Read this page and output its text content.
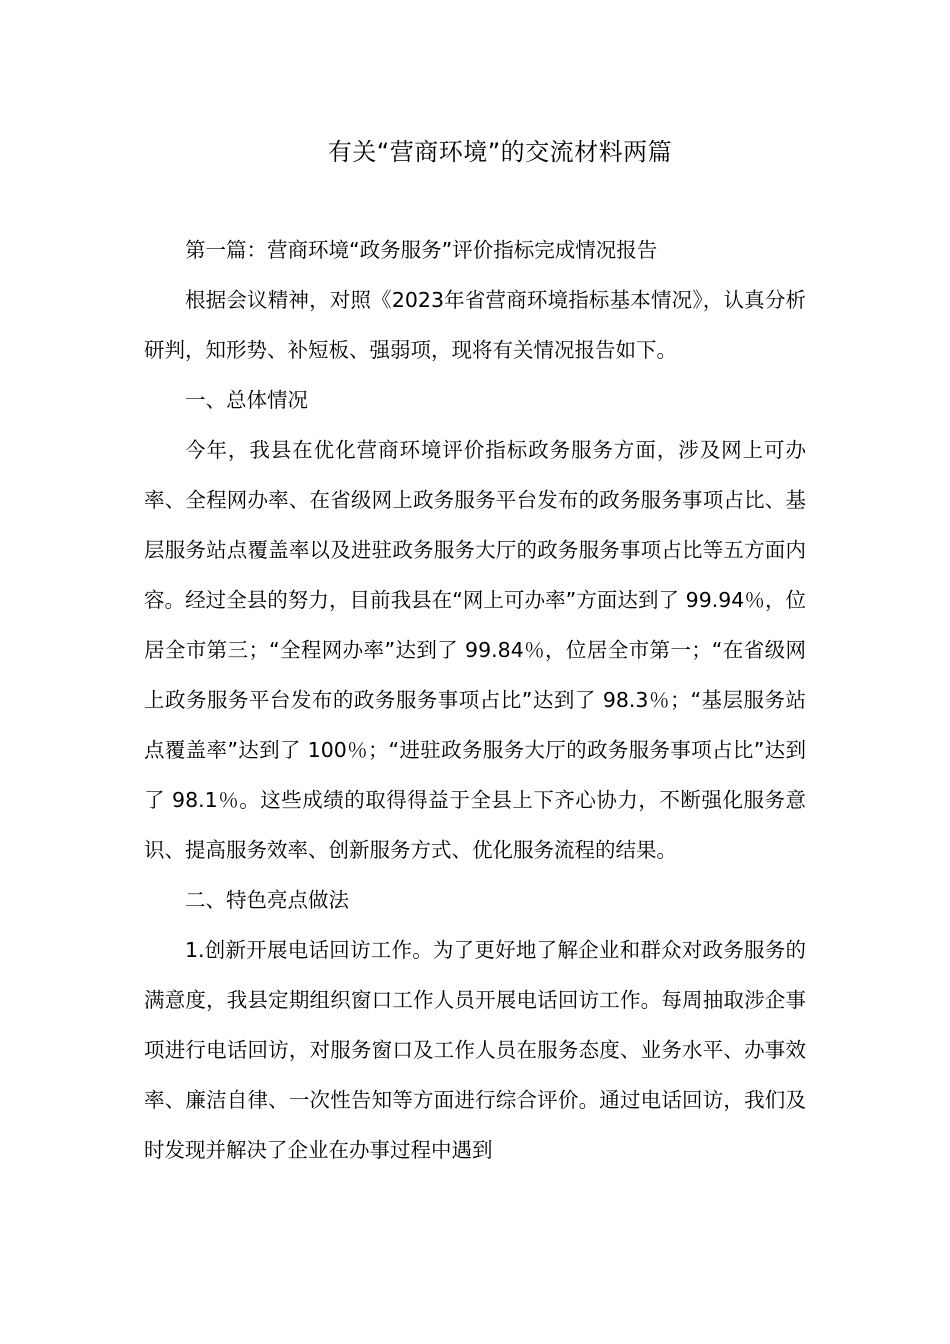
有关“营商环境”的交流材料两篇

第一篇：营商环境“政务服务”评价指标完成情况报告

根据会议精神，对照《2023年省营商环境指标基本情况》，认真分析研判，知形势、补短板、强弱项，现将有关情况报告如下。

一、总体情况

今年，我县在优化营商环境评价指标政务服务方面，涉及网上可办率、全程网办率、在省级网上政务服务平台发布的政务服务事项占比、基层服务站点覆盖率以及进驻政务服务大厅的政务服务事项占比等五方面内容。经过全县的努力，目前我县在“网上可办率”方面达到了 99.94％，位居全市第三；“全程网办率”达到了 99.84％，位居全市第一；“在省级网上政务服务平台发布的政务服务事项占比”达到了 98.3％；“基层服务站点覆盖率”达到了 100％；“进驻政务服务大厅的政务服务事项占比”达到了 98.1％。这些成绩的取得得益于全县上下齐心协力，不断强化服务意识、提高服务效率、创新服务方式、优化服务流程的结果。

二、特色亮点做法

1.创新开展电话回访工作。为了更好地了解企业和群众对政务服务的满意度，我县定期组织窗口工作人员开展电话回访工作。每周抽取涉企事项进行电话回访，对服务窗口及工作人员在服务态度、业务水平、办事效率、廉洁自律、一次性告知等方面进行综合评价。通过电话回访，我们及时发现并解决了企业在办事过程中遇到
